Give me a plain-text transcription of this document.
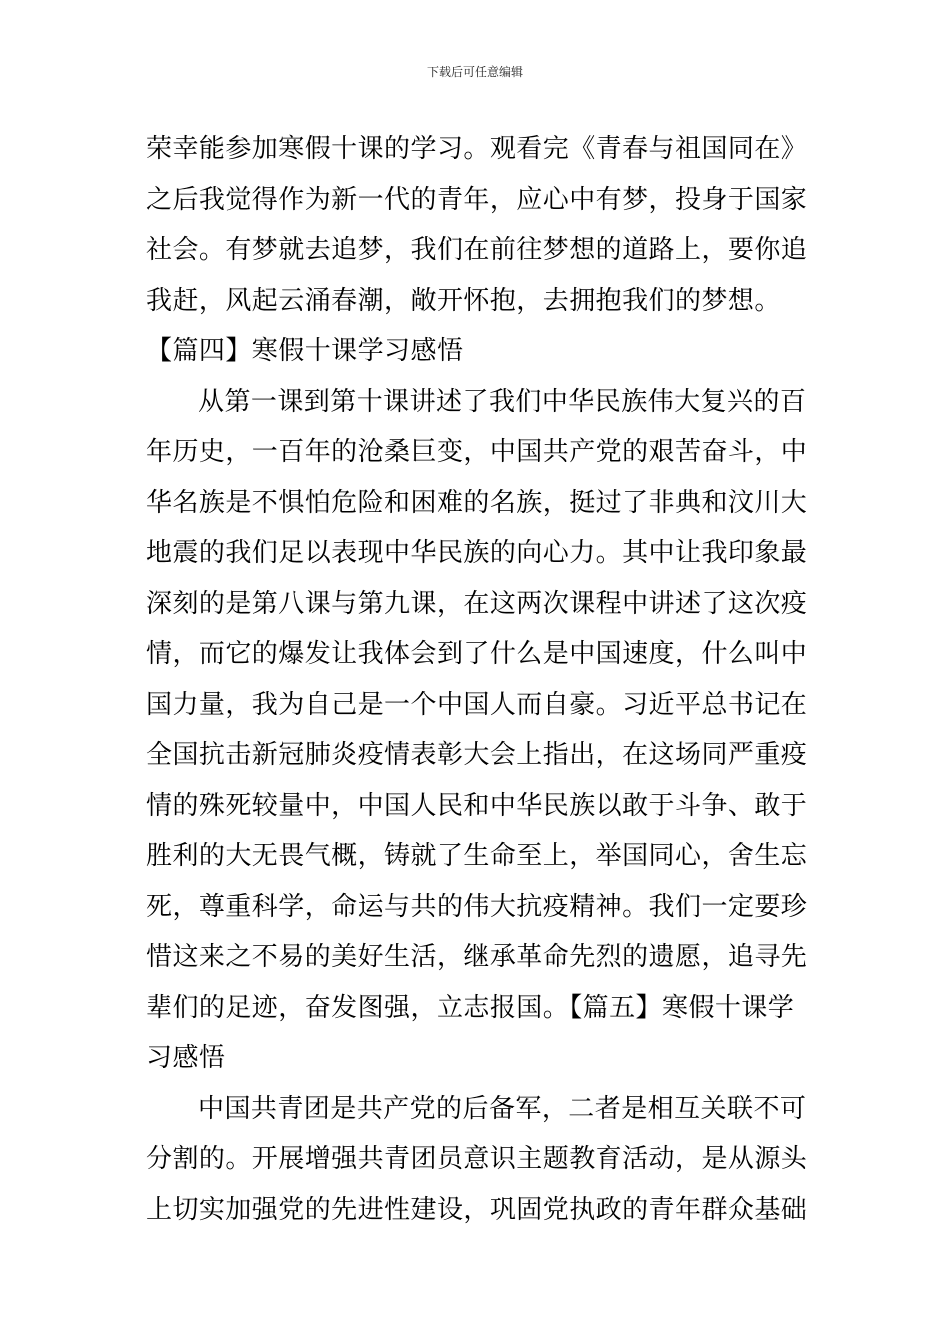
下载后可任意编辑
荣幸能参加寒假十课的学习。观看完《青春与祖国同在》
之后我觉得作为新一代的青年，应心中有梦，投身于国家
社会。有梦就去追梦，我们在前往梦想的道路上，要你追
我赶，风起云涌春潮，敞开怀抱，去拥抱我们的梦想。
【篇四】寒假十课学习感悟
从第一课到第十课讲述了我们中华民族伟大复兴的百
年历史，一百年的沧桑巨变，中国共产党的艰苦奋斗，中
华名族是不惧怕危险和困难的名族，挺过了非典和汶川大
地震的我们足以表现中华民族的向心力。其中让我印象最
深刻的是第八课与第九课，在这两次课程中讲述了这次疫
情，而它的爆发让我体会到了什么是中国速度，什么叫中
国力量，我为自己是一个中国人而自豪。习近平总书记在
全国抗击新冠肺炎疫情表彰大会上指出，在这场同严重疫
情的殊死较量中，中国人民和中华民族以敢于斗争、敢于
胜利的大无畏气概，铸就了生命至上，举国同心，舍生忘
死，尊重科学，命运与共的伟大抗疫精神。我们一定要珍
惜这来之不易的美好生活，继承革命先烈的遗愿，追寻先
辈们的足迹，奋发图强，立志报国。【篇五】寒假十课学
习感悟
中国共青团是共产党的后备军，二者是相互关联不可
分割的。开展增强共青团员意识主题教育活动，是从源头
上切实加强党的先进性建设，巩固党执政的青年群众基础
